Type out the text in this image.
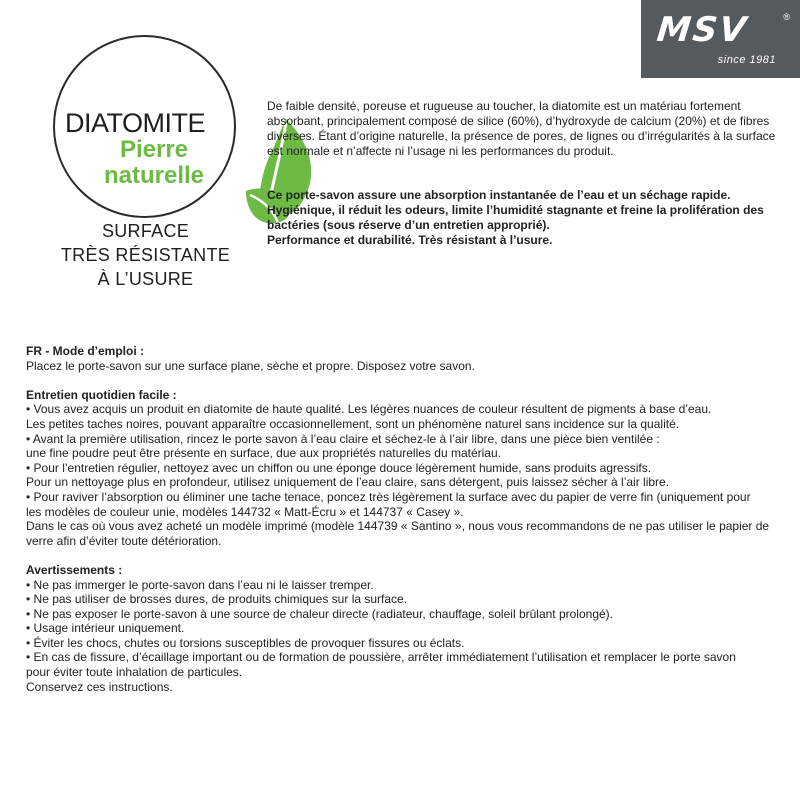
MSV	®
since 1981
DIATOMITE
Pierre
naturelle
SURFACE
TRÈS RÉSISTANTE
À L’USURE
De faible densité, poreuse et rugueuse au toucher, la diatomite est un matériau fortement absorbant, principalement composé de silice (60%), d’hydroxyde de calcium (20%) et de fibres diverses. Étant d’origine naturelle, la présence de pores, de lignes ou d’irrégularités à la surface est normale et n’affecte ni l’usage ni les performances du produit.
Ce porte-savon assure une absorption instantanée de l’eau et un séchage rapide.
Hygiénique, il réduit les odeurs, limite l’humidité stagnante et freine la prolifération des bactéries (sous réserve d’un entretien approprié).
Performance et durabilité. Très résistant à l’usure.
FR - Mode d’emploi :
Placez le porte-savon sur une surface plane, sèche et propre. Disposez votre savon.
Entretien quotidien facile :
• Vous avez acquis un produit en diatomite de haute qualité. Les légères nuances de couleur résultent de pigments à base d’eau.
Les petites taches noires, pouvant apparaître occasionnellement, sont un phénomène naturel sans incidence sur la qualité.
• Avant la première utilisation, rincez le porte savon à l’eau claire et séchez-le à l’air libre, dans une pièce bien ventilée :
une fine poudre peut être présente en surface, due aux propriétés naturelles du matériau.
• Pour l’entretien régulier, nettoyez avec un chiffon ou une éponge douce légèrement humide, sans produits agressifs.
Pour un nettoyage plus en profondeur, utilisez uniquement de l’eau claire, sans détergent, puis laissez sécher à l’air libre.
• Pour raviver l’absorption ou éliminer une tache tenace, poncez très légèrement la surface avec du papier de verre fin (uniquement pour
les modèles de couleur unie, modèles 144732 « Matt-Écru » et 144737 « Casey ».
Dans le cas où vous avez acheté un modèle imprimé (modèle 144739 « Santino », nous vous recommandons de ne pas utiliser le papier de
verre afin d’éviter toute détérioration.
Avertissements :
• Ne pas immerger le porte-savon dans l’eau ni le laisser tremper.
• Ne pas utiliser de brosses dures, de produits chimiques sur la surface.
• Ne pas exposer le porte-savon à une source de chaleur directe (radiateur, chauffage, soleil brûlant prolongé).
• Usage intérieur uniquement.
• Éviter les chocs, chutes ou torsions susceptibles de provoquer fissures ou éclats.
• En cas de fissure, d’écaillage important ou de formation de poussière, arrêter immédiatement l’utilisation et remplacer le porte savon
pour éviter toute inhalation de particules.
Conservez ces instructions.
